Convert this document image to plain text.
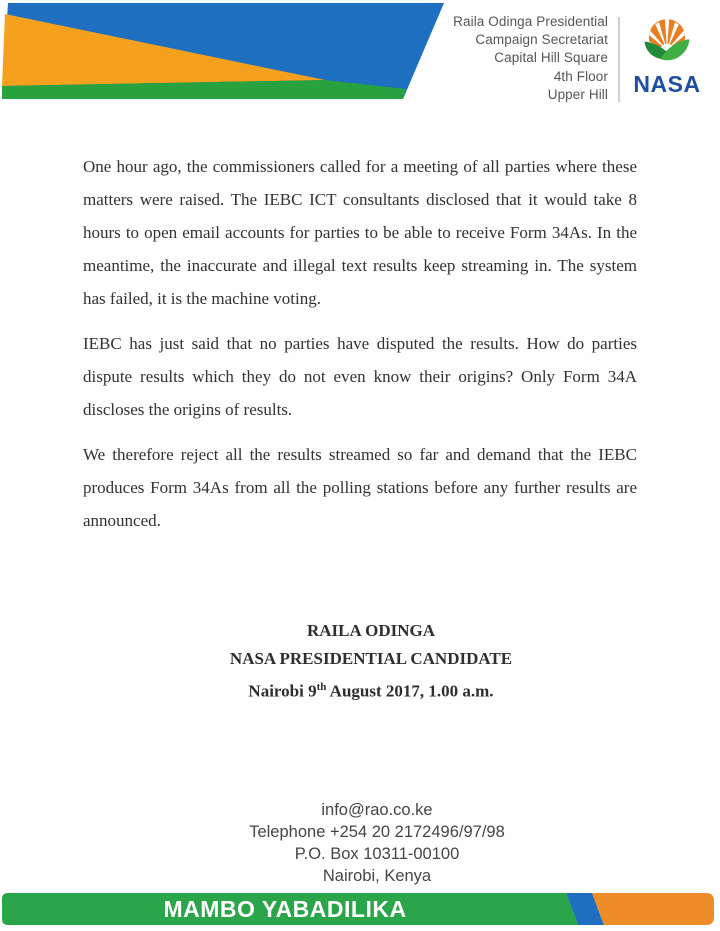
Raila Odinga Presidential
Campaign Secretariat
Capital Hill Square
4th Floor
Upper Hill	NASA

One hour ago, the commissioners called for a meeting of all parties where these matters were raised. The IEBC ICT consultants disclosed that it would take 8 hours to open email accounts for parties to be able to receive Form 34As. In the meantime, the inaccurate and illegal text results keep streaming in. The system has failed, it is the machine voting.

IEBC has just said that no parties have disputed the results. How do parties dispute results which they do not even know their origins? Only Form 34A discloses the origins of results.

We therefore reject all the results streamed so far and demand that the IEBC produces Form 34As from all the polling stations before any further results are announced.

RAILA ODINGA
NASA PRESIDENTIAL CANDIDATE
Nairobi 9th August 2017, 1.00 a.m.
info@rao.co.ke
Telephone +254 20 2172496/97/98
P.O. Box 10311-00100
Nairobi, Kenya
MAMBO YABADILIKA
